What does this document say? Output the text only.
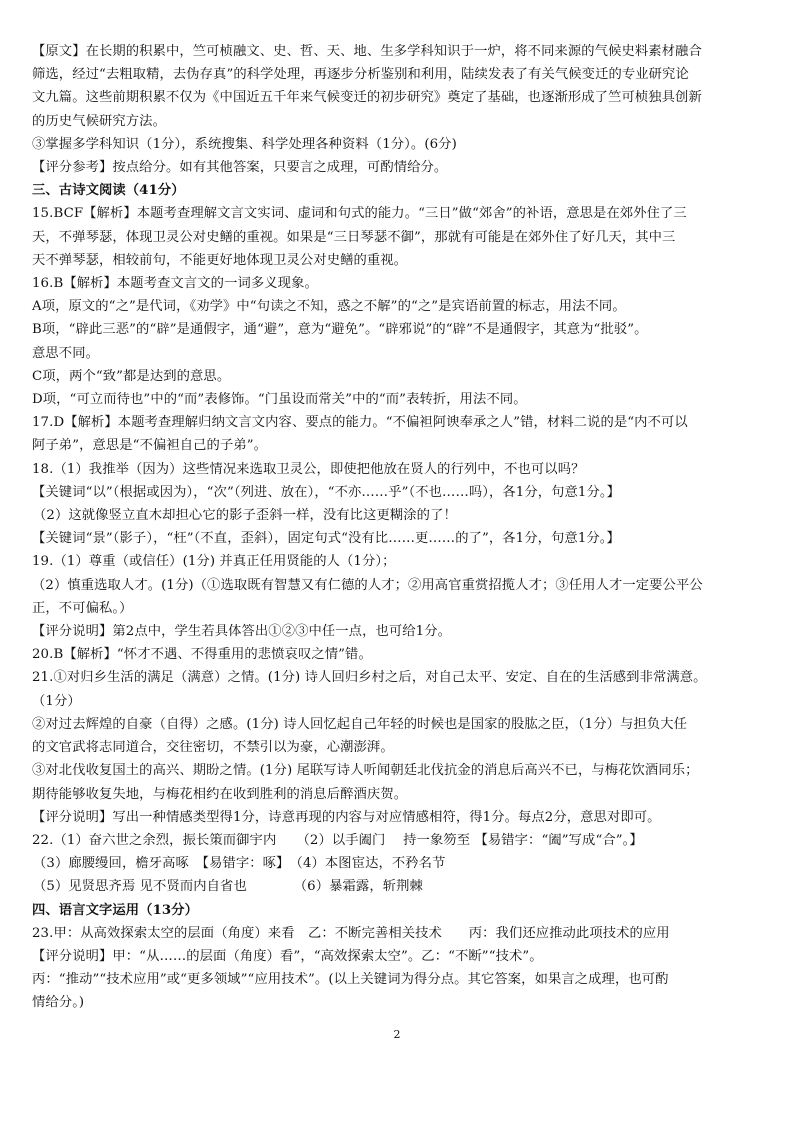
【原文】在长期的积累中，竺可桢融文、史、哲、天、地、生多学科知识于一炉，将不同来源的气候史料素材融合

筛选，经过“去粗取精，去伪存真”的科学处理，再逐步分析鉴别和利用，陆续发表了有关气候变迁的专业研究论

文九篇。这些前期积累不仅为《中国近五千年来气候变迁的初步研究》奠定了基础，也逐渐形成了竺可桢独具创新

的历史气候研究方法。

③掌握多学科知识（1分），系统搜集、科学处理各种资料（1分）。(6分)

【评分参考】按点给分。如有其他答案，只要言之成理，可酌情给分。

三、古诗文阅读（41分）

15.BCF【解析】本题考查理解文言文实词、虚词和句式的能力。“三日”做“郊舍”的补语，意思是在郊外住了三

天，不弹琴瑟，体现卫灵公对史鳝的重视。如果是“三日琴瑟不御”，那就有可能是在郊外住了好几天，其中三

天不弹琴瑟，相较前句，不能更好地体现卫灵公对史鳝的重视。

16.B【解析】本题考查文言文的一词多义现象。

A项，原文的“之”是代词，《劝学》中“句读之不知，惑之不解”的“之”是宾语前置的标志，用法不同。

B项，“辟此三恶”的“辟”是通假字，通“避”，意为“避免”。“辟邪说”的“辟”不是通假字，其意为“批驳”。

意思不同。

C项，两个“致”都是达到的意思。

D项，“可立而待也”中的“而”表修饰。“门虽设而常关”中的“而”表转折，用法不同。

17.D【解析】本题考查理解归纳文言文内容、要点的能力。“不偏袒阿谀奉承之人”错，材料二说的是“内不可以

阿子弟”，意思是“不偏袒自己的子弟”。

18.（1）我推举（因为）这些情况来选取卫灵公，即使把他放在贤人的行列中，不也可以吗？

【关键词“以”（根据或因为），“次”（列进、放在），“不亦……乎”（不也……吗），各1分，句意1分。】

（2）这就像竖立直木却担心它的影子歪斜一样，没有比这更糊涂的了！

【关键词“景”（影子），“枉”（不直，歪斜），固定句式“没有比……更……的了”，各1分，句意1分。】

19.（1）尊重（或信任）(1分) 并真正任用贤能的人（1分）；

（2）慎重选取人才。(1分)（①选取既有智慧又有仁德的人才；②用高官重赏招揽人才；③任用人才一定要公平公

正，不可偏私。）

【评分说明】第2点中，学生若具体答出①②③中任一点，也可给1分。

20.B【解析】“怀才不遇、不得重用的悲愤哀叹之情”错。

21.①对归乡生活的满足（满意）之情。(1分) 诗人回归乡村之后，对自己太平、安定、自在的生活感到非常满意。

（1分）

②对过去辉煌的自豪（自得）之感。(1分) 诗人回忆起自己年轻的时候也是国家的股肱之臣，（1分）与担负大任

的文官武将志同道合，交往密切，不禁引以为豪，心潮澎湃。

③对北伐收复国土的高兴、期盼之情。(1分) 尾联写诗人听闻朝廷北伐抗金的消息后高兴不已，与梅花饮酒同乐；

期待能够收复失地，与梅花相约在收到胜利的消息后醉酒庆贺。

【评分说明】写出一种情感类型得1分，诗意再现的内容与对应情感相符，得1分。每点2分，意思对即可。

22.（1）奋六世之余烈，振长策而御宇内　　（2）以手阖门　 持一象笏至 【易错字：“阖”写成“合”。】

（3）廊腰缦回，檐牙高啄　【易错字：啄】　（4）本图宦达，不矜名节

（5）见贤思齐焉 见不贤而内自省也　　　　（6）暴霜露，斩荆棘

四、语言文字运用（13分）

23.甲：从高效探索太空的层面（角度）来看　乙：不断完善相关技术　　丙：我们还应推动此项技术的应用

【评分说明】甲：“从……的层面（角度）看”，“高效探索太空”。乙：“不断”“技术”。

丙：“推动”“技术应用”或“更多领域”“应用技术”。(以上关键词为得分点。其它答案，如果言之成理，也可酌

情给分。)

2
